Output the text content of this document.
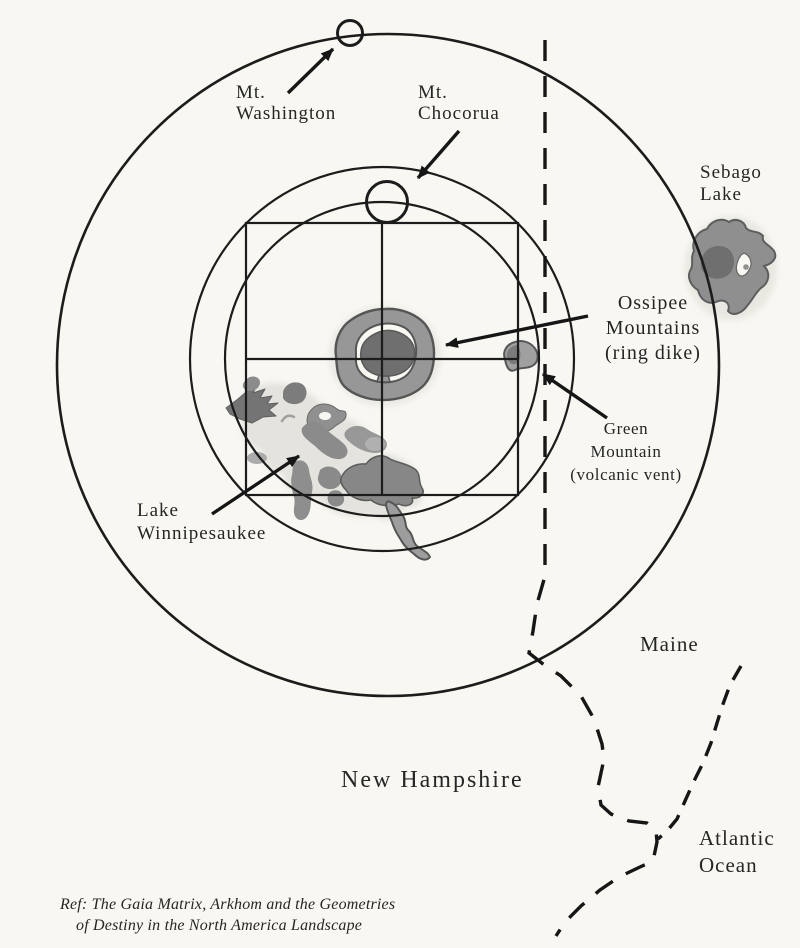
Mt.
Washington
Mt.
Chocorua
Sebago
Lake
Ossipee
Mountains
(ring dike)
Green
Mountain
(volcanic vent)
Lake
Winnipesaukee
Maine
New Hampshire
Atlantic
Ocean
Ref: The Gaia Matrix, Arkhom and the Geometries
of Destiny in the North America Landscape
